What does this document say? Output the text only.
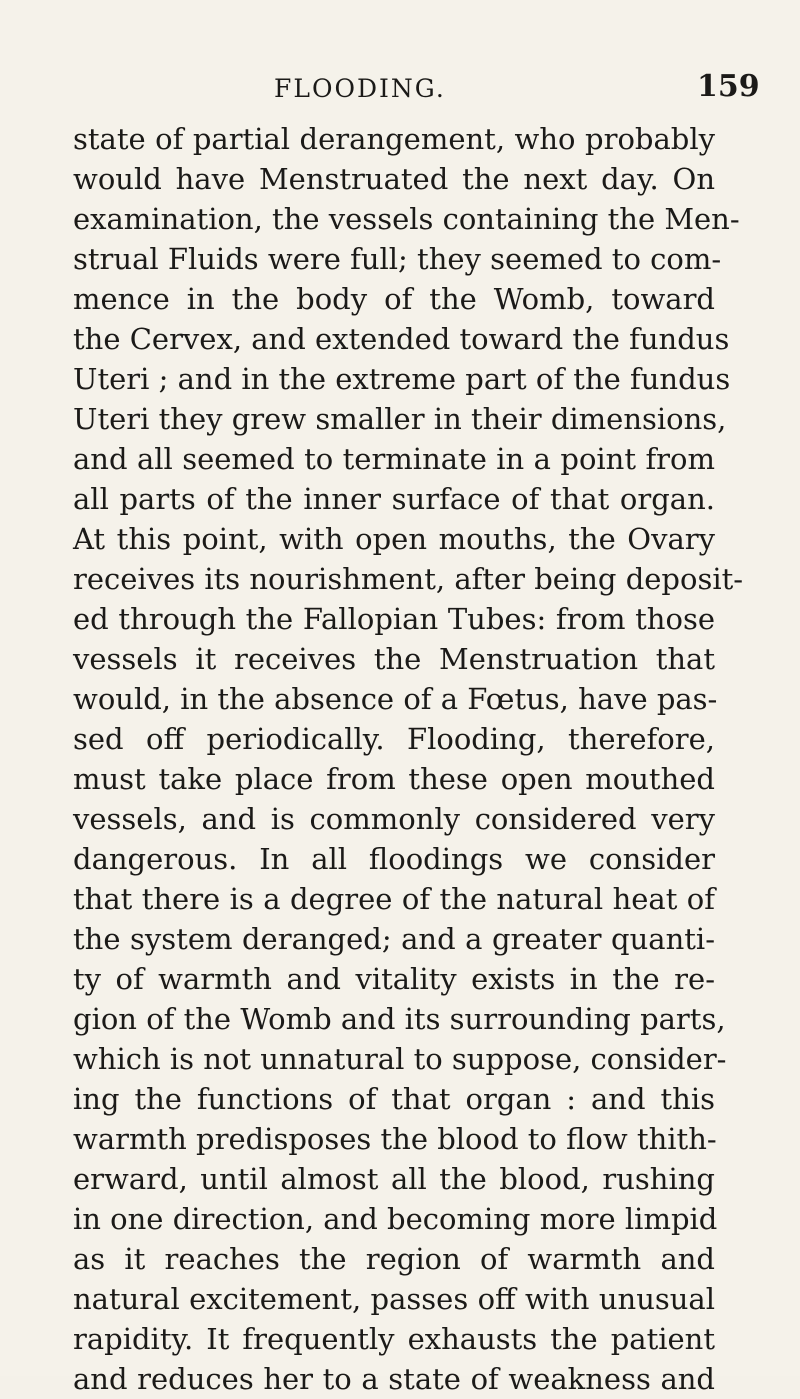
FLOODING.	159
state of partial derangement, who probably
would have Menstruated the next day. On
examination, the vessels containing the Men-
strual Fluids were full; they seemed to com-
mence in the body of the Womb, toward
the Cervex, and extended toward the fundus
Uteri ; and in the extreme part of the fundus
Uteri they grew smaller in their dimensions,
and all seemed to terminate in a point from
all parts of the inner surface of that organ.
At this point, with open mouths, the Ovary
receives its nourishment, after being deposit-
ed through the Fallopian Tubes: from those
vessels it receives the Menstruation that
would, in the absence of a Fœtus, have pas-
sed off periodically. Flooding, therefore,
must take place from these open mouthed
vessels, and is commonly considered very
dangerous. In all floodings we consider
that there is a degree of the natural heat of
the system deranged; and a greater quanti-
ty of warmth and vitality exists in the re-
gion of the Womb and its surrounding parts,
which is not unnatural to suppose, consider-
ing the functions of that organ : and this
warmth predisposes the blood to flow thith-
erward, until almost all the blood, rushing
in one direction, and becoming more limpid
as it reaches the region of warmth and
natural excitement, passes off with unusual
rapidity. It frequently exhausts the patient
and reduces her to a state of weakness and
